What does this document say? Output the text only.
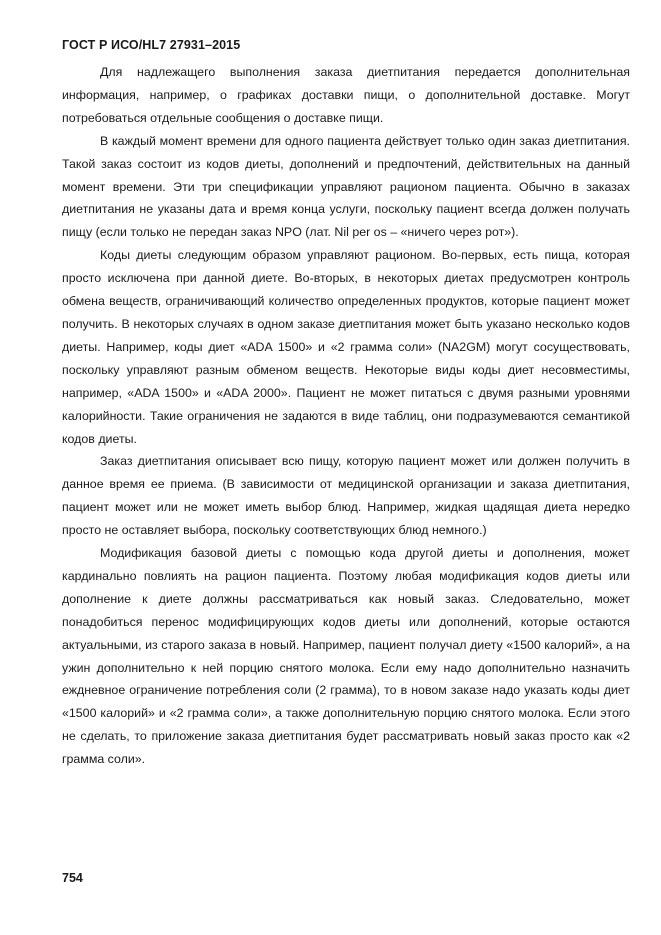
ГОСТ Р ИСО/HL7 27931–2015

Для надлежащего выполнения заказа диетпитания передается дополнительная информация, например, о графиках доставки пищи, о дополнительной доставке. Могут потребоваться отдельные сообщения о доставке пищи.

В каждый момент времени для одного пациента действует только один заказ диетпитания. Такой заказ состоит из кодов диеты, дополнений и предпочтений, действительных на данный момент времени. Эти три спецификации управляют рационом пациента. Обычно в заказах диетпитания не указаны дата и время конца услуги, поскольку пациент всегда должен получать пищу (если только не передан заказ NPO (лат. Nil per os – «ничего через рот»).

Коды диеты следующим образом управляют рационом. Во-первых, есть пища, которая просто исключена при данной диете. Во-вторых, в некоторых диетах предусмотрен контроль обмена веществ, ограничивающий количество определенных продуктов, которые пациент может получить. В некоторых случаях в одном заказе диетпитания может быть указано несколько кодов диеты. Например, коды диет «ADA 1500» и «2 грамма соли» (NA2GM) могут сосуществовать, поскольку управляют разным обменом веществ. Некоторые виды коды диет несовместимы, например, «ADA 1500» и «ADA 2000». Пациент не может питаться с двумя разными уровнями калорийности. Такие ограничения не задаются в виде таблиц, они подразумеваются семантикой кодов диеты.

Заказ диетпитания описывает всю пищу, которую пациент может или должен получить в данное время ее приема. (В зависимости от медицинской организации и заказа диетпитания, пациент может или не может иметь выбор блюд. Например, жидкая щадящая диета нередко просто не оставляет выбора, поскольку соответствующих блюд немного.)

Модификация базовой диеты с помощью кода другой диеты и дополнения, может кардинально повлиять на рацион пациента. Поэтому любая модификация кодов диеты или дополнение к диете должны рассматриваться как новый заказ. Следовательно, может понадобиться перенос модифицирующих кодов диеты или дополнений, которые остаются актуальными, из старого заказа в новый. Например, пациент получал диету «1500 калорий», а на ужин дополнительно к ней порцию снятого молока. Если ему надо дополнительно назначить еждневное ограничение потребления соли (2 грамма), то в новом заказе надо указать коды диет «1500 калорий» и «2 грамма соли», а также дополнительную порцию снятого молока. Если этого не сделать, то приложение заказа диетпитания будет рассматривать новый заказ просто как «2 грамма соли».

754
